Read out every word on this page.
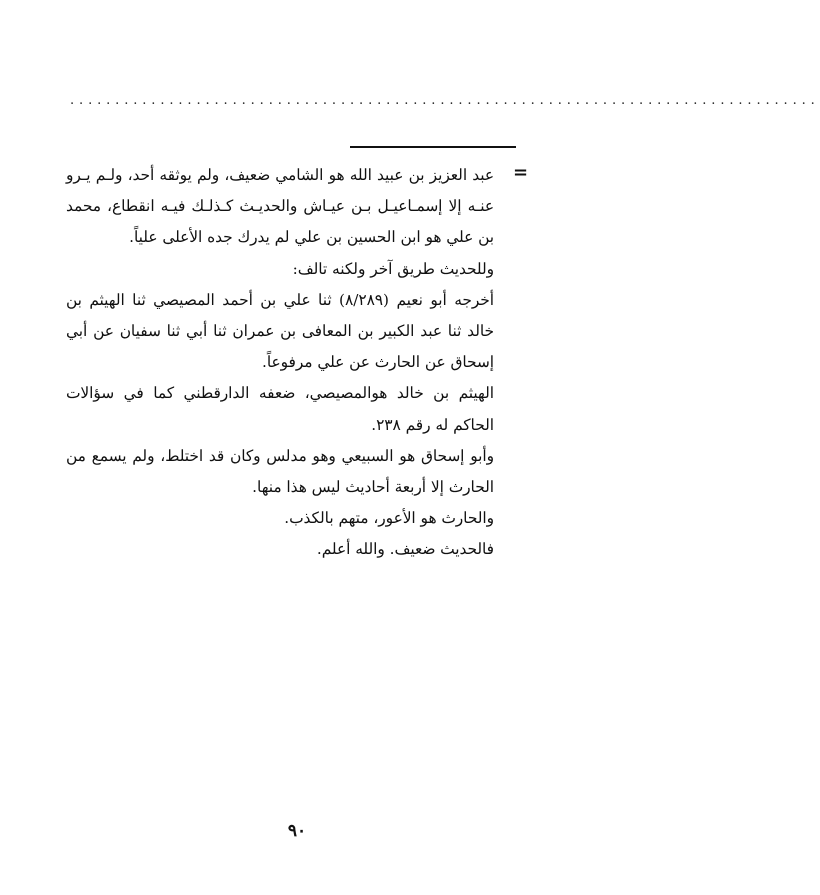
...................................................................................
=

عبد العزيز بن عبيد الله هو الشامي ضعيف، ولم يوثقه أحد، ولـم يـرو عنـه إلا إسمـاعيـل بـن عيـاش والحديـث كـذلـك فيـه انقطاع، محمد بن علي هو ابن الحسين بن علي لم يدرك جده الأعلى علياً.

وللحديث طريق آخر ولكنه تالف:

أخرجه أبو نعيم (٨/٢٨٩) ثنا علي بن أحمد المصيصي ثنا الهيثم بن خالد ثنا عبد الكبير بن المعافى بن عمران ثنا أبي ثنا سفيان عن أبي إسحاق عن الحارث عن علي مرفوعاً.

الهيثم بن خالد هوالمصيصي، ضعفه الدارقطني كما في سؤالات الحاكم له رقم ٢٣٨.

وأبو إسحاق هو السبيعي وهو مدلس وكان قد اختلط، ولم يسمع من الحارث إلا أربعة أحاديث ليس هذا منها.

والحارث هو الأعور، متهم بالكذب.

فالحديث ضعيف. والله أعلم.

٩٠
